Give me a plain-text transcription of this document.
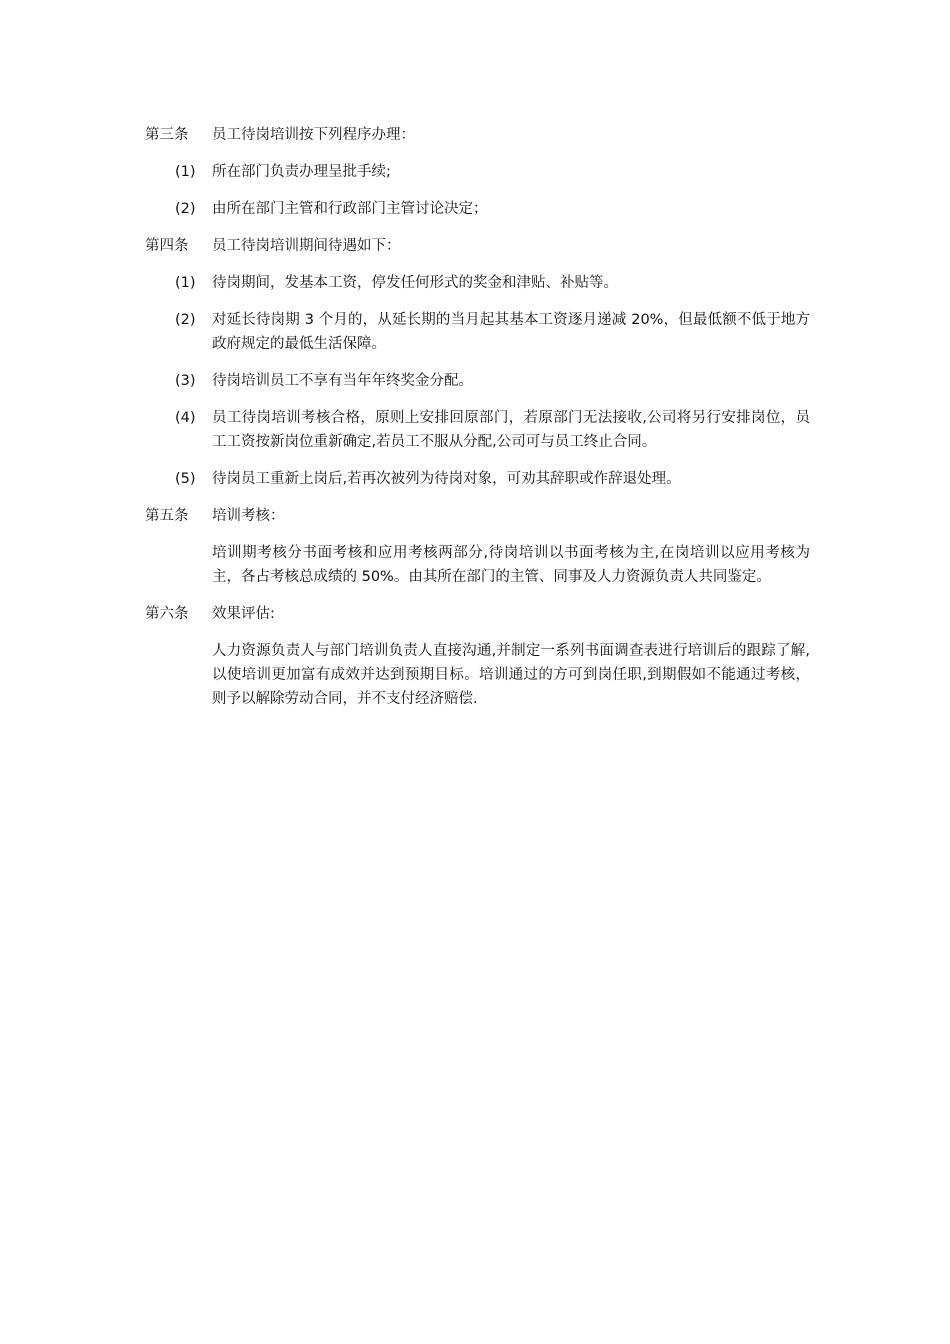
第三条	员工待岗培训按下列程序办理：
(1)	所在部门负责办理呈批手续;
(2)	由所在部门主管和行政部门主管讨论决定；
第四条	员工待岗培训期间待遇如下：
(1)	待岗期间，发基本工资，停发任何形式的奖金和津贴、补贴等。
(2)	对延长待岗期 3 个月的，从延长期的当月起其基本工资逐月递减 20%，但最低额不低于地方政府规定的最低生活保障。
(3)	待岗培训员工不享有当年年终奖金分配。
(4)	员工待岗培训考核合格，原则上安排回原部门，若原部门无法接收,公司将另行安排岗位，员工工资按新岗位重新确定,若员工不服从分配,公司可与员工终止合同。
(5)	待岗员工重新上岗后,若再次被列为待岗对象，可劝其辞职或作辞退处理。
第五条	培训考核：
培训期考核分书面考核和应用考核两部分,待岗培训以书面考核为主,在岗培训以应用考核为主，各占考核总成绩的 50%。由其所在部门的主管、同事及人力资源负责人共同鉴定。
第六条	效果评估:
人力资源负责人与部门培训负责人直接沟通,并制定一系列书面调查表进行培训后的跟踪了解,以使培训更加富有成效并达到预期目标。培训通过的方可到岗任职,到期假如不能通过考核，则予以解除劳动合同，并不支付经济赔偿.
